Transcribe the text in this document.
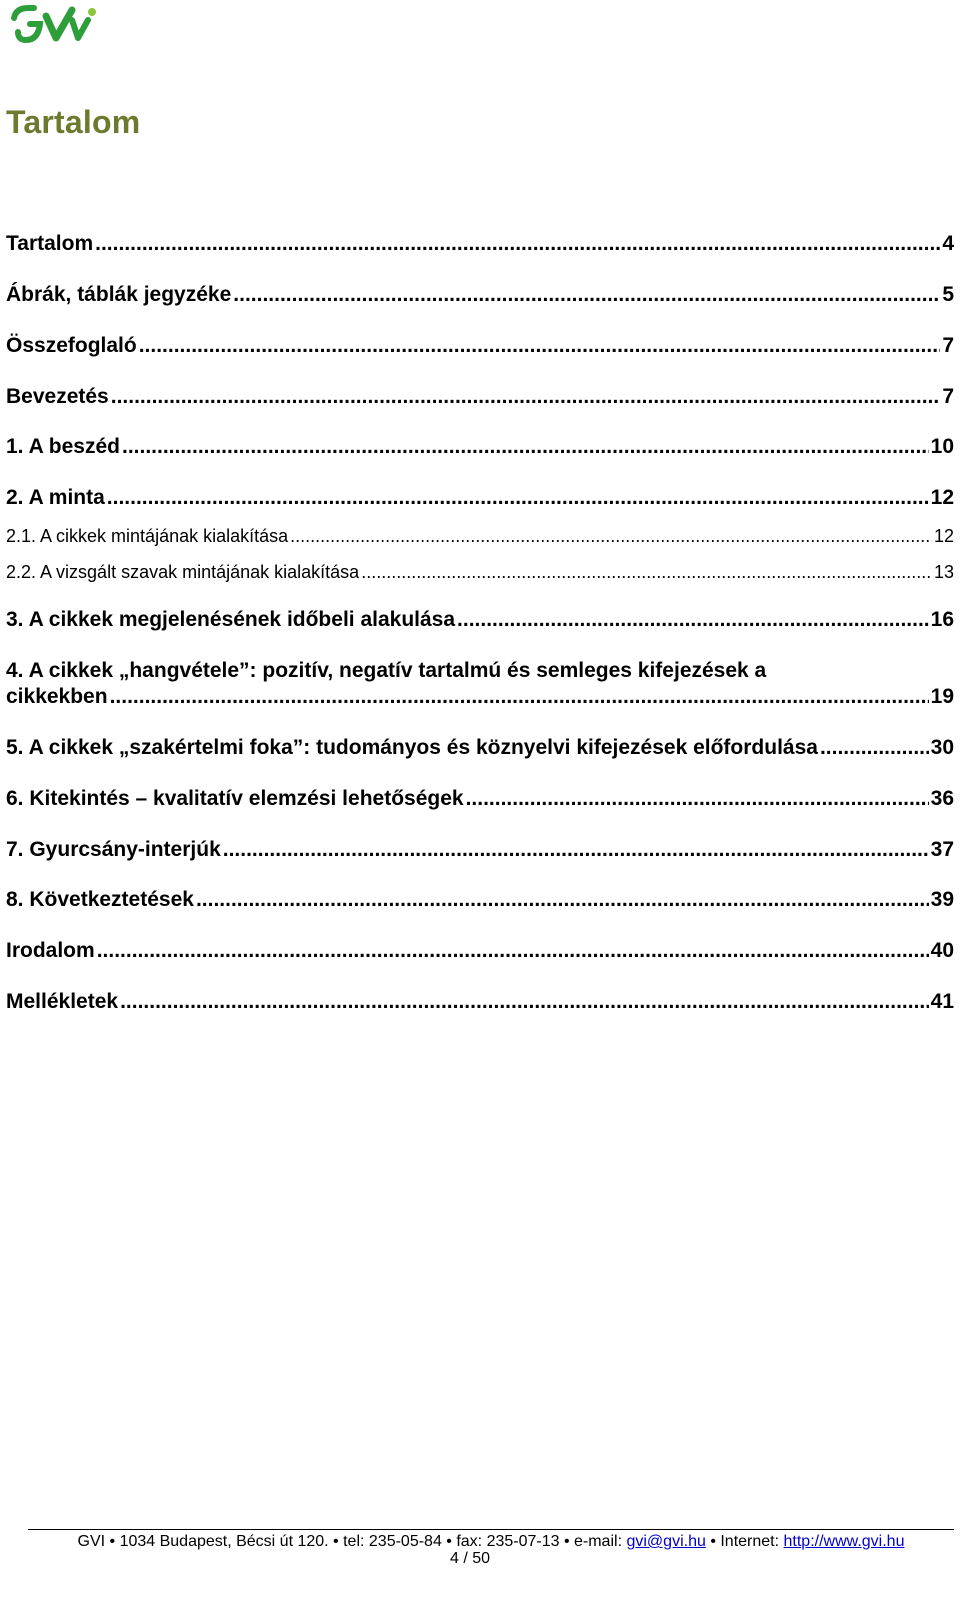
Tartalom
Tartalom .....	4
Ábrák, táblák jegyzéke .....	5
Összefoglaló .....	7
Bevezetés .....	7
1. A beszéd .....	10
2. A minta .....	12
2.1. A cikkek mintájának kialakítása .....	12
2.2. A vizsgált szavak mintájának kialakítása .....	13
3. A cikkek megjelenésének időbeli alakulása .....	16
4. A cikkek „hangvétele”: pozitív, negatív tartalmú és semleges kifejezések a
cikkekben .....	19
5. A cikkek „szakértelmi foka”: tudományos és köznyelvi kifejezések előfordulása .....	30
6. Kitekintés – kvalitatív elemzési lehetőségek .....	36
7. Gyurcsány-interjúk .....	37
8. Következtetések .....	39
Irodalom .....	40
Mellékletek .....	41
GVI • 1034 Budapest, Bécsi út 120. • tel: 235-05-84 • fax: 235-07-13 • e-mail: gvi@gvi.hu • Internet: http://www.gvi.hu
4 / 50
